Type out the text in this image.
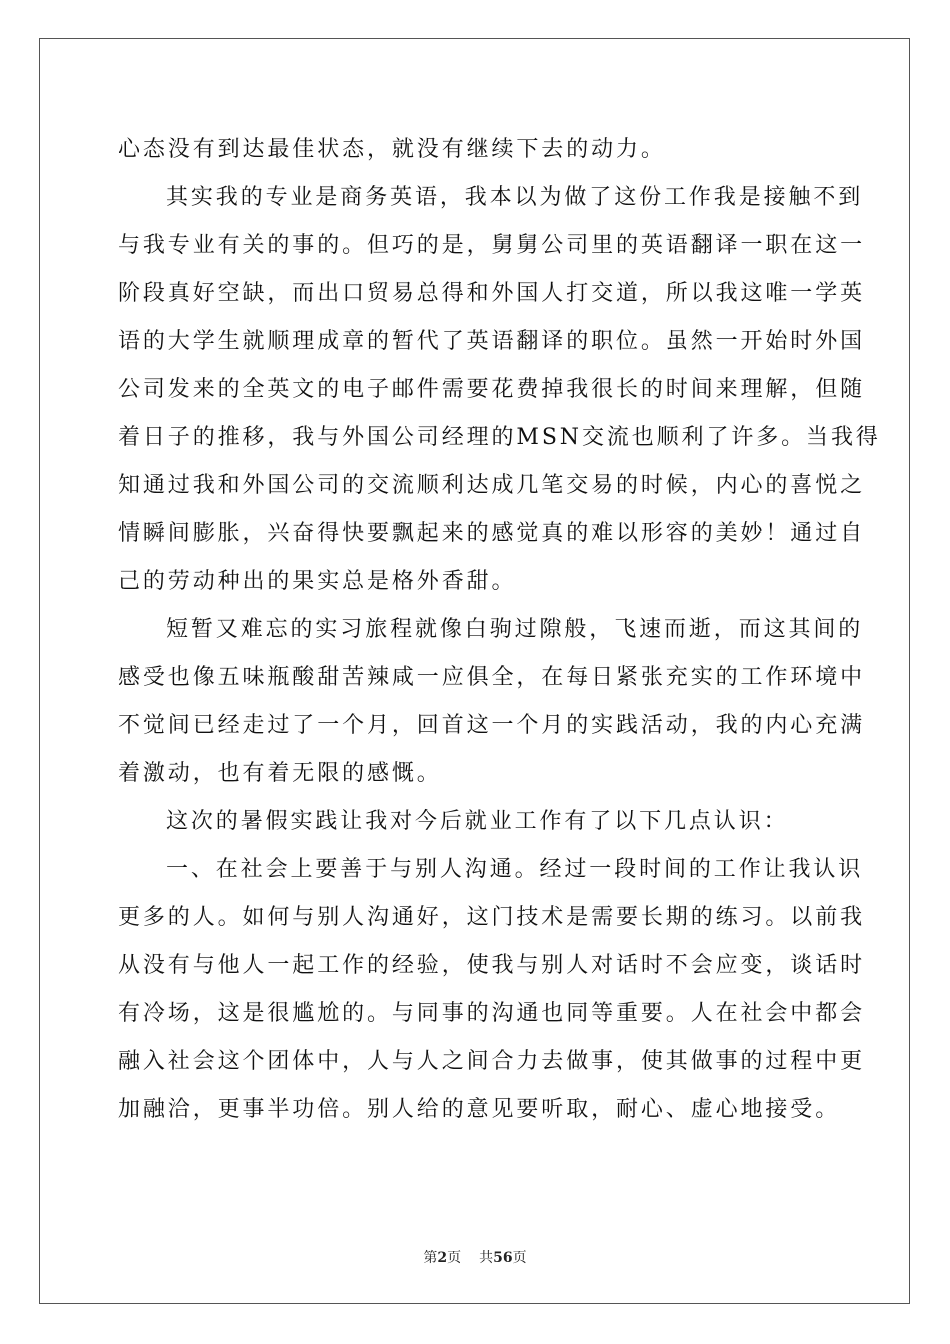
心态没有到达最佳状态，就没有继续下去的动力。
其实我的专业是商务英语，我本以为做了这份工作我是接触不到
与我专业有关的事的。但巧的是，舅舅公司里的英语翻译一职在这一
阶段真好空缺，而出口贸易总得和外国人打交道，所以我这唯一学英
语的大学生就顺理成章的暂代了英语翻译的职位。虽然一开始时外国
公司发来的全英文的电子邮件需要花费掉我很长的时间来理解，但随
着日子的推移，我与外国公司经理的MSN交流也顺利了许多。当我得
知通过我和外国公司的交流顺利达成几笔交易的时候，内心的喜悦之
情瞬间膨胀，兴奋得快要飘起来的感觉真的难以形容的美妙！通过自
己的劳动种出的果实总是格外香甜。
短暂又难忘的实习旅程就像白驹过隙般，飞速而逝，而这其间的
感受也像五味瓶酸甜苦辣咸一应俱全，在每日紧张充实的工作环境中
不觉间已经走过了一个月，回首这一个月的实践活动，我的内心充满
着激动，也有着无限的感慨。
这次的暑假实践让我对今后就业工作有了以下几点认识：
一、在社会上要善于与别人沟通。经过一段时间的工作让我认识
更多的人。如何与别人沟通好，这门技术是需要长期的练习。以前我
从没有与他人一起工作的经验，使我与别人对话时不会应变，谈话时
有冷场，这是很尴尬的。与同事的沟通也同等重要。人在社会中都会
融入社会这个团体中，人与人之间合力去做事，使其做事的过程中更
加融洽，更事半功倍。别人给的意见要听取，耐心、虚心地接受。
第2页 共56页
